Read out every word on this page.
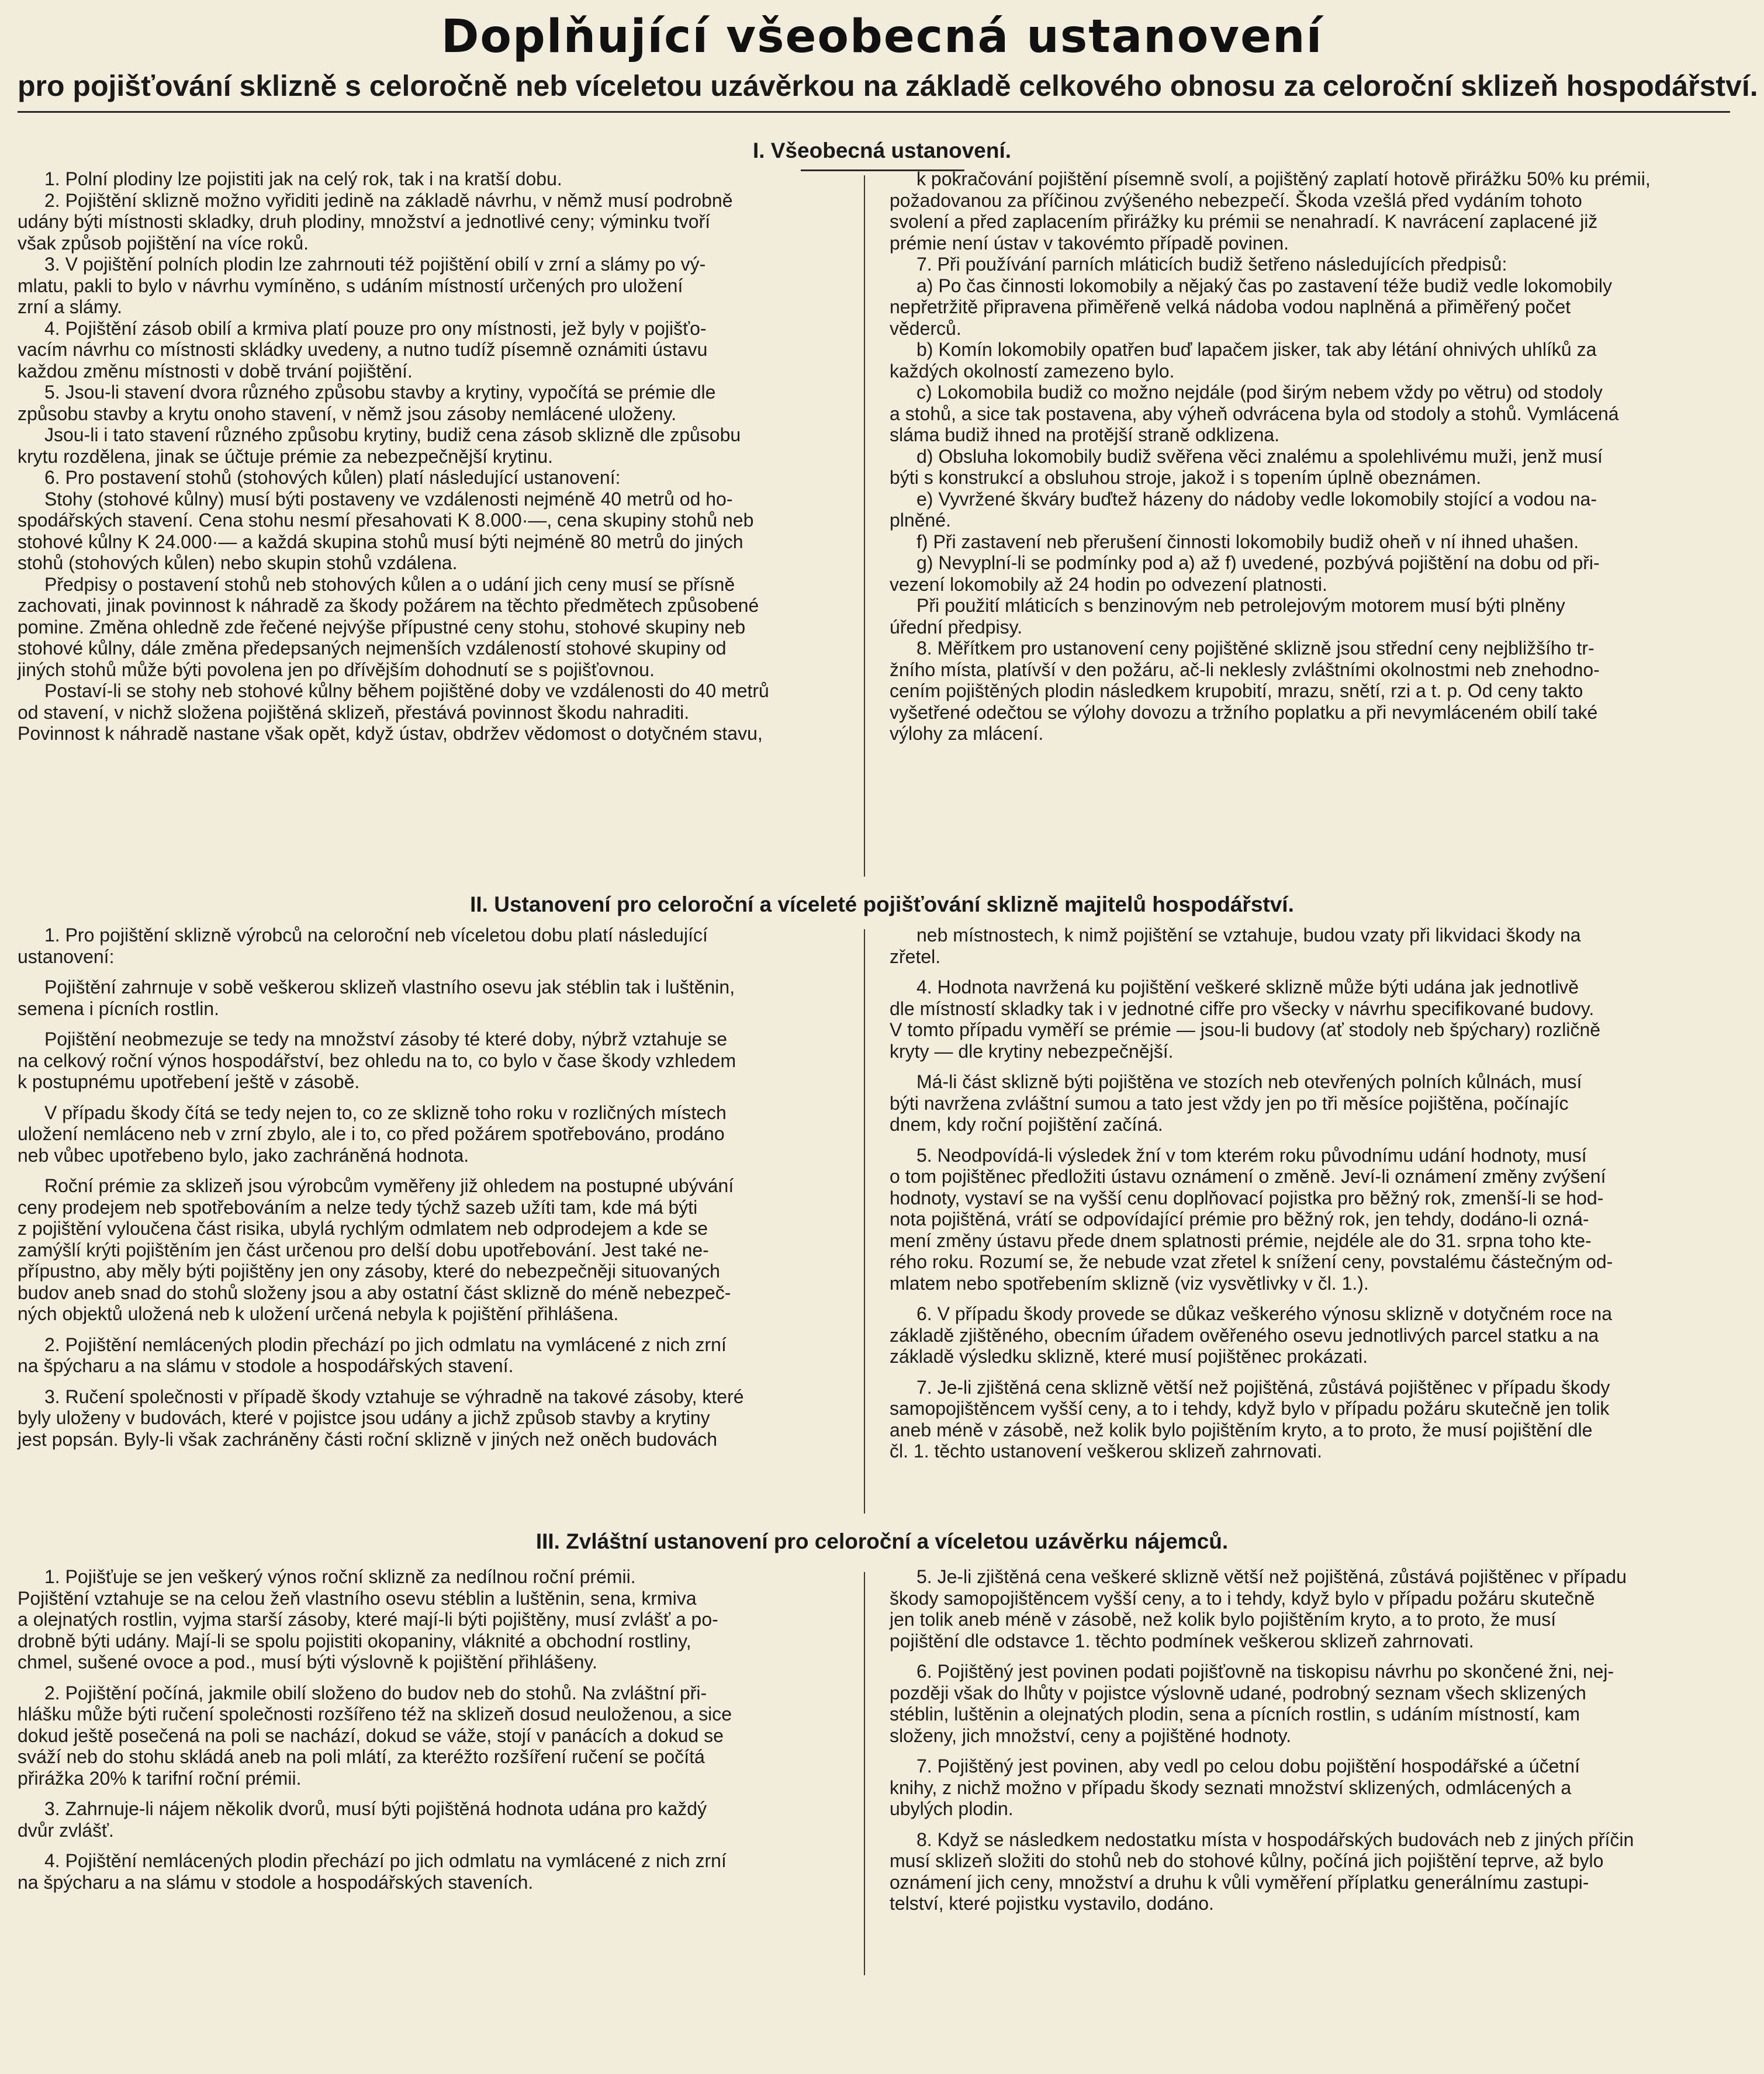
Doplňující všeobecná ustanovení
pro pojišťování sklizně s celoročně neb víceletou uzávěrkou na základě celkového obnosu za celoroční sklizeň hospodářství.
I. Všeobecná ustanovení.

1. Polní plodiny lze pojistiti jak na celý rok, tak i na kratší dobu.

2. Pojištění sklizně možno vyřiditi jedině na základě návrhu, v němž musí podrobně
udány býti místnosti skladky, druh plodiny, množství a jednotlivé ceny; výminku tvoří
však způsob pojištění na více roků.

3. V pojištění polních plodin lze zahrnouti též pojištění obilí v zrní a slámy po vý-
mlatu, pakli to bylo v návrhu vymíněno, s udáním místností určených pro uložení
zrní a slámy.

4. Pojištění zásob obilí a krmiva platí pouze pro ony místnosti, jež byly v pojišťo-
vacím návrhu co místnosti skládky uvedeny, a nutno tudíž písemně oznámiti ústavu
každou změnu místnosti v době trvání pojištění.

5. Jsou-li stavení dvora různého způsobu stavby a krytiny, vypočítá se prémie dle
způsobu stavby a krytu onoho stavení, v němž jsou zásoby nemlácené uloženy.

Jsou-li i tato stavení různého způsobu krytiny, budiž cena zásob sklizně dle způsobu
krytu rozdělena, jinak se účtuje prémie za nebezpečnější krytinu.

6. Pro postavení stohů (stohových kůlen) platí následující ustanovení:

Stohy (stohové kůlny) musí býti postaveny ve vzdálenosti nejméně 40 metrů od ho-
spodářských stavení. Cena stohu nesmí přesahovati K 8.000·—, cena skupiny stohů neb
stohové kůlny K 24.000·— a každá skupina stohů musí býti nejméně 80 metrů do jiných
stohů (stohových kůlen) nebo skupin stohů vzdálena.

Předpisy o postavení stohů neb stohových kůlen a o udání jich ceny musí se přísně
zachovati, jinak povinnost k náhradě za škody požárem na těchto předmětech způsobené
pomine. Změna ohledně zde řečené nejvýše přípustné ceny stohu, stohové skupiny neb
stohové kůlny, dále změna předepsaných nejmenších vzdáleností stohové skupiny od
jiných stohů může býti povolena jen po dřívějším dohodnutí se s pojišťovnou.

Postaví-li se stohy neb stohové kůlny během pojištěné doby ve vzdálenosti do 40 metrů
od stavení, v nichž složena pojištěná sklizeň, přestává povinnost škodu nahraditi.
Povinnost k náhradě nastane však opět, když ústav, obdržev vědomost o dotyčném stavu,

k pokračování pojištění písemně svolí, a pojištěný zaplatí hotově přirážku 50% ku prémii,
požadovanou za příčinou zvýšeného nebezpečí. Škoda vzešlá před vydáním tohoto
svolení a před zaplacením přirážky ku prémii se nenahradí. K navrácení zaplacené již
prémie není ústav v takovémto případě povinen.

7. Při používání parních mláticích budiž šetřeno následujících předpisů:

a) Po čas činnosti lokomobily a nějaký čas po zastavení téže budiž vedle lokomobily
nepřetržitě připravena přiměřeně velká nádoba vodou naplněná a přiměřený počet
věderců.

b) Komín lokomobily opatřen buď lapačem jisker, tak aby létání ohnivých uhlíků za
každých okolností zamezeno bylo.

c) Lokomobila budiž co možno nejdále (pod širým nebem vždy po větru) od stodoly
a stohů, a sice tak postavena, aby výheň odvrácena byla od stodoly a stohů. Vymlácená
sláma budiž ihned na protější straně odklizena.

d) Obsluha lokomobily budiž svěřena věci znalému a spolehlivému muži, jenž musí
býti s konstrukcí a obsluhou stroje, jakož i s topením úplně obeznámen.

e) Vyvržené škváry buďtež házeny do nádoby vedle lokomobily stojící a vodou na-
plněné.

f) Při zastavení neb přerušení činnosti lokomobily budiž oheň v ní ihned uhašen.

g) Nevyplní-li se podmínky pod a) až f) uvedené, pozbývá pojištění na dobu od při-
vezení lokomobily až 24 hodin po odvezení platnosti.

Při použití mláticích s benzinovým neb petrolejovým motorem musí býti plněny
úřední předpisy.

8. Měřítkem pro ustanovení ceny pojištěné sklizně jsou střední ceny nejbližšího tr-
žního místa, platívší v den požáru, ač-li neklesly zvláštními okolnostmi neb znehodno-
cením pojištěných plodin následkem krupobití, mrazu, snětí, rzi a t. p. Od ceny takto
vyšetřené odečtou se výlohy dovozu a tržního poplatku a při nevymláceném obilí také
výlohy za mlácení.

II. Ustanovení pro celoroční a víceleté pojišťování sklizně majitelů hospodářství.

1. Pro pojištění sklizně výrobců na celoroční neb víceletou dobu platí následující
ustanovení:

Pojištění zahrnuje v sobě veškerou sklizeň vlastního osevu jak stéblin tak i luštěnin,
semena i pícních rostlin.

Pojištění neobmezuje se tedy na množství zásoby té které doby, nýbrž vztahuje se
na celkový roční výnos hospodářství, bez ohledu na to, co bylo v čase škody vzhledem
k postupnému upotřebení ještě v zásobě.

V případu škody čítá se tedy nejen to, co ze sklizně toho roku v rozličných místech
uložení nemláceno neb v zrní zbylo, ale i to, co před požárem spotřebováno, prodáno
neb vůbec upotřebeno bylo, jako zachráněná hodnota.

Roční prémie za sklizeň jsou výrobcům vyměřeny již ohledem na postupné ubývání
ceny prodejem neb spotřebováním a nelze tedy týchž sazeb užíti tam, kde má býti
z pojištění vyloučena část risika, ubylá rychlým odmlatem neb odprodejem a kde se
zamýšlí krýti pojištěním jen část určenou pro delší dobu upotřebování. Jest také ne-
přípustno, aby měly býti pojištěny jen ony zásoby, které do nebezpečněji situovaných
budov aneb snad do stohů složeny jsou a aby ostatní část sklizně do méně nebezpeč-
ných objektů uložená neb k uložení určená nebyla k pojištění přihlášena.

2. Pojištění nemlácených plodin přechází po jich odmlatu na vymlácené z nich zrní
na špýcharu a na slámu v stodole a hospodářských stavení.

3. Ručení společnosti v případě škody vztahuje se výhradně na takové zásoby, které
byly uloženy v budovách, které v pojistce jsou udány a jichž způsob stavby a krytiny
jest popsán. Byly-li však zachráněny části roční sklizně v jiných než oněch budovách

neb místnostech, k nimž pojištění se vztahuje, budou vzaty při likvidaci škody na
zřetel.

4. Hodnota navržená ku pojištění veškeré sklizně může býti udána jak jednotlivě
dle místností skladky tak i v jednotné cifře pro všecky v návrhu specifikované budovy.
V tomto případu vyměří se prémie — jsou-li budovy (ať stodoly neb špýchary) rozličně
kryty — dle krytiny nebezpečnější.

Má-li část sklizně býti pojištěna ve stozích neb otevřených polních kůlnách, musí
býti navržena zvláštní sumou a tato jest vždy jen po tři měsíce pojištěna, počínajíc
dnem, kdy roční pojištění začíná.

5. Neodpovídá-li výsledek žní v tom kterém roku původnímu udání hodnoty, musí
o tom pojištěnec předložiti ústavu oznámení o změně. Jeví-li oznámení změny zvýšení
hodnoty, vystaví se na vyšší cenu doplňovací pojistka pro běžný rok, zmenší-li se hod-
nota pojištěná, vrátí se odpovídající prémie pro běžný rok, jen tehdy, dodáno-li ozná-
mení změny ústavu přede dnem splatnosti prémie, nejdéle ale do 31. srpna toho kte-
rého roku. Rozumí se, že nebude vzat zřetel k snížení ceny, povstalému částečným od-
mlatem nebo spotřebením sklizně (viz vysvětlivky v čl. 1.).

6. V případu škody provede se důkaz veškerého výnosu sklizně v dotyčném roce na
základě zjištěného, obecním úřadem ověřeného osevu jednotlivých parcel statku a na
základě výsledku sklizně, které musí pojištěnec prokázati.

7. Je-li zjištěná cena sklizně větší než pojištěná, zůstává pojištěnec v případu škody
samopojištěncem vyšší ceny, a to i tehdy, když bylo v případu požáru skutečně jen tolik
aneb méně v zásobě, než kolik bylo pojištěním kryto, a to proto, že musí pojištění dle
čl. 1. těchto ustanovení veškerou sklizeň zahrnovati.

III. Zvláštní ustanovení pro celoroční a víceletou uzávěrku nájemců.

1. Pojišťuje se jen veškerý výnos roční sklizně za nedílnou roční prémii.
Pojištění vztahuje se na celou žeň vlastního osevu stéblin a luštěnin, sena, krmiva
a olejnatých rostlin, vyjma starší zásoby, které mají-li býti pojištěny, musí zvlášť a po-
drobně býti udány. Mají-li se spolu pojistiti okopaniny, vláknité a obchodní rostliny,
chmel, sušené ovoce a pod., musí býti výslovně k pojištění přihlášeny.

2. Pojištění počíná, jakmile obilí složeno do budov neb do stohů. Na zvláštní při-
hlášku může býti ručení společnosti rozšířeno též na sklizeň dosud neuloženou, a sice
dokud ještě posečená na poli se nachází, dokud se váže, stojí v panácích a dokud se
sváží neb do stohu skládá aneb na poli mlátí, za kteréžto rozšíření ručení se počítá
přirážka 20% k tarifní roční prémii.

3. Zahrnuje-li nájem několik dvorů, musí býti pojištěná hodnota udána pro každý
dvůr zvlášť.

4. Pojištění nemlácených plodin přechází po jich odmlatu na vymlácené z nich zrní
na špýcharu a na slámu v stodole a hospodářských staveních.

5. Je-li zjištěná cena veškeré sklizně větší než pojištěná, zůstává pojištěnec v případu
škody samopojištěncem vyšší ceny, a to i tehdy, když bylo v případu požáru skutečně
jen tolik aneb méně v zásobě, než kolik bylo pojištěním kryto, a to proto, že musí
pojištění dle odstavce 1. těchto podmínek veškerou sklizeň zahrnovati.

6. Pojištěný jest povinen podati pojišťovně na tiskopisu návrhu po skončené žni, nej-
později však do lhůty v pojistce výslovně udané, podrobný seznam všech sklizených
stéblin, luštěnin a olejnatých plodin, sena a pícních rostlin, s udáním místností, kam
složeny, jich množství, ceny a pojištěné hodnoty.

7. Pojištěný jest povinen, aby vedl po celou dobu pojištění hospodářské a účetní
knihy, z nichž možno v případu škody seznati množství sklizených, odmlácených a
ubylých plodin.

8. Když se následkem nedostatku místa v hospodářských budovách neb z jiných příčin
musí sklizeň složiti do stohů neb do stohové kůlny, počíná jich pojištění teprve, až bylo
oznámení jich ceny, množství a druhu k vůli vyměření příplatku generálnímu zastupi-
telství, které pojistku vystavilo, dodáno.
